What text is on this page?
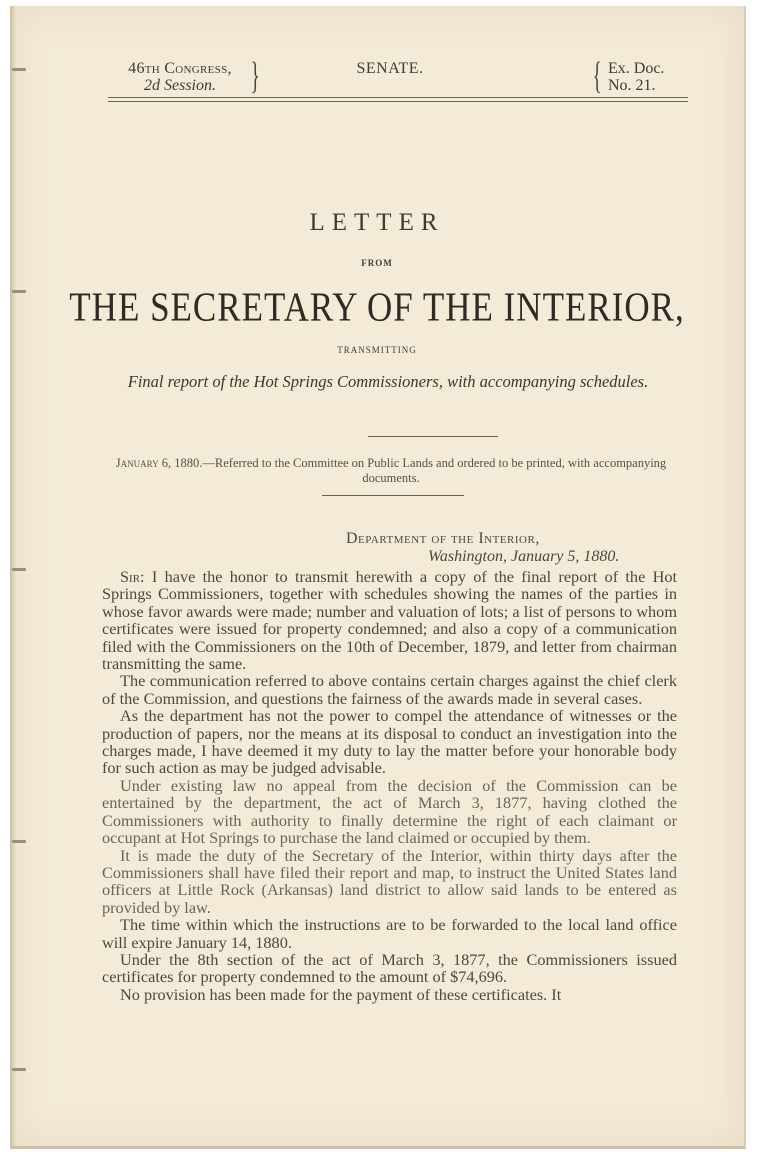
46th Congress,
2d Session. }	SENATE.	{ Ex. Doc.
No. 21.
LETTER
FROM
THE SECRETARY OF THE INTERIOR,
TRANSMITTING
Final report of the Hot Springs Commissioners, with accompanying schedules.
January 6, 1880.—Referred to the Committee on Public Lands and ordered to be printed, with accompanying documents.
Department of the Interior,
Washington, January 5, 1880.

Sir: I have the honor to transmit herewith a copy of the final report of the Hot Springs Commissioners, together with schedules showing the names of the parties in whose favor awards were made; number and valuation of lots; a list of persons to whom certificates were issued for property condemned; and also a copy of a communication filed with the Commissioners on the 10th of December, 1879, and letter from chairman transmitting the same.

The communication referred to above contains certain charges against the chief clerk of the Commission, and questions the fairness of the awards made in several cases.

As the department has not the power to compel the attendance of witnesses or the production of papers, nor the means at its disposal to conduct an investigation into the charges made, I have deemed it my duty to lay the matter before your honorable body for such action as may be judged advisable.

Under existing law no appeal from the decision of the Commission can be entertained by the department, the act of March 3, 1877, having clothed the Commissioners with authority to finally determine the right of each claimant or occupant at Hot Springs to purchase the land claimed or occupied by them.

It is made the duty of the Secretary of the Interior, within thirty days after the Commissioners shall have filed their report and map, to instruct the United States land officers at Little Rock (Arkansas) land district to allow said lands to be entered as provided by law.

The time within which the instructions are to be forwarded to the local land office will expire January 14, 1880.

Under the 8th section of the act of March 3, 1877, the Commissioners issued certificates for property condemned to the amount of $74,696.

No provision has been made for the payment of these certificates. It
